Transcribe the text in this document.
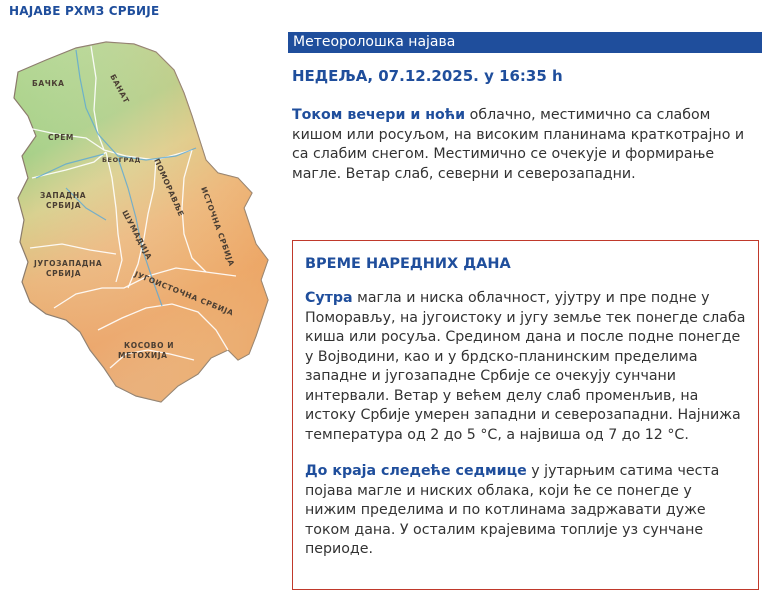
НАЈАВЕ РХМЗ СРБИЈЕ
БАЧКА	БАНАТ
СРЕМ
БЕОГРАД
ЗАПАДНА
СРБИЈА
ШУМАДИЈА
ПОМОРАВЉЕ ИСТОЧНА СРБИЈА
ЈУГОЗАПАДНА
СРБИЈА	ЈУГОИСТОЧНА СРБИЈА
КОСОВО И
МЕТОХИЈА
Метеоролошка најава
НЕДЕЉА, 07.12.2025. у 16:35 h
Током вечери и ноћи облачно, местимично са слабом кишом или росуљом, на високим планинама краткотрајно и са слабим снегом. Местимично се очекује и формирање магле. Ветар слаб, северни и северозападни.
ВРЕМЕ НАРЕДНИХ ДАНА

Сутра магла и ниска облачност, ујутру и пре подне у Поморављу, на југоистоку и југу земље тек понегде слаба киша или росуља. Средином дана и после подне понегде у Војводини, као и у брдско-планинским пределима западне и југозападне Србије се очекују сунчани интервали. Ветар у већем делу слаб променљив, на истоку Србије умерен западни и северозападни. Најнижа температура од 2 до 5 °C, а највиша од 7 до 12 °C.

До краја следеће седмице у јутарњим сатима честа појава магле и ниских облака, који ће се понегде у нижим пределима и по котлинама задржавати дуже током дана. У осталим крајевима топлије уз сунчане периоде.
